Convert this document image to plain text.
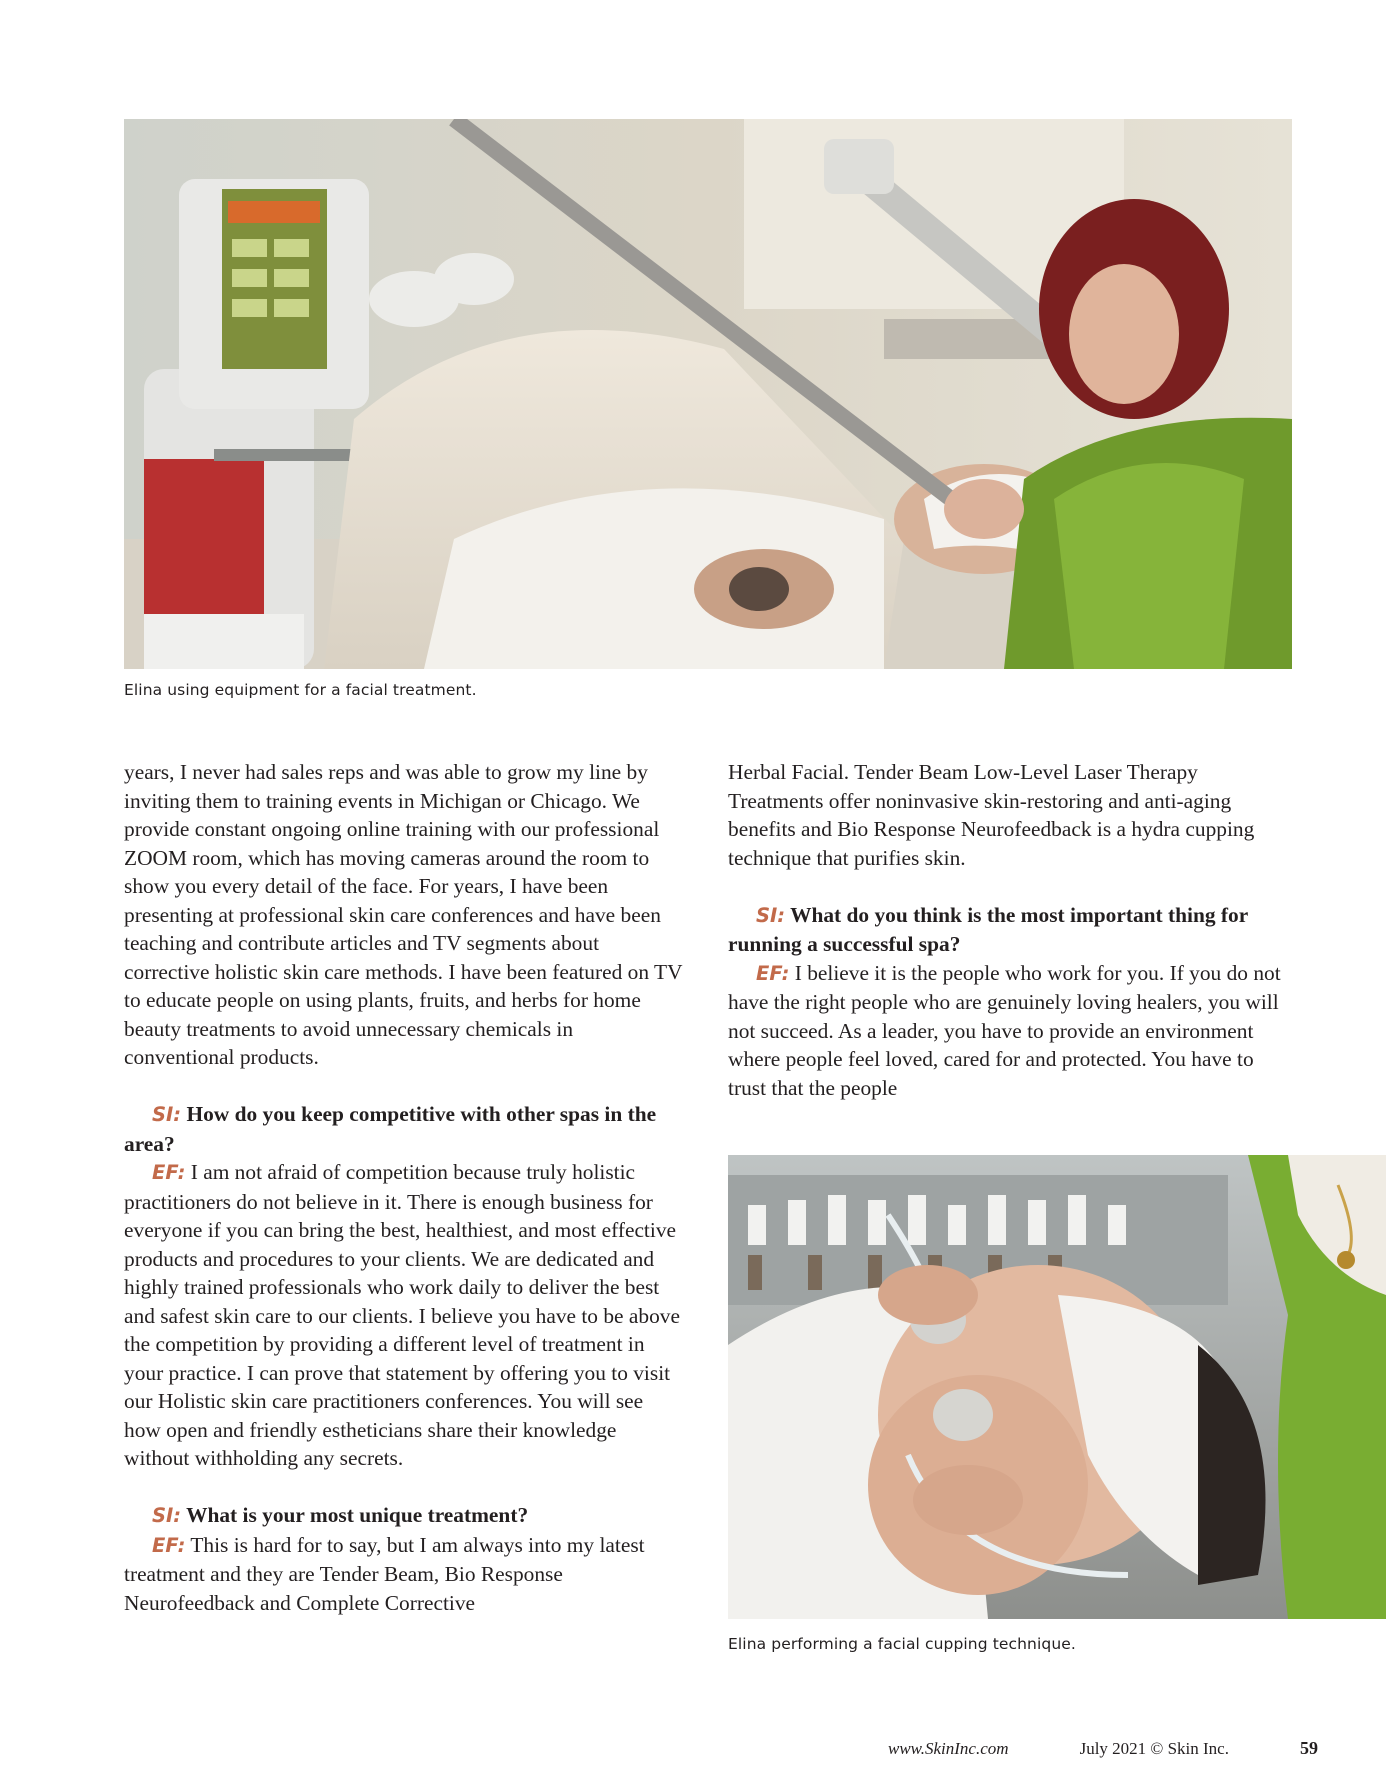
Elina using equipment for a facial treatment.

years, I never had sales reps and was able to grow my line by inviting them to training events in Michigan or Chicago. We provide constant ongoing online training with our professional ZOOM room, which has moving cameras around the room to show you every detail of the face. For years, I have been presenting at professional skin care conferences and have been teaching and contribute articles and TV segments about corrective holistic skin care methods. I have been featured on TV to educate people on using plants, fruits, and herbs for home beauty treatments to avoid unnecessary chemicals in conventional products.

SI: How do you keep competitive with other spas in the area?

EF: I am not afraid of competition because truly holistic practitioners do not believe in it. There is enough business for everyone if you can bring the best, healthiest, and most effective products and procedures to your clients. We are dedicated and highly trained professionals who work daily to deliver the best and safest skin care to our clients. I believe you have to be above the competition by providing a different level of treatment in your practice. I can prove that statement by offering you to visit our Holistic skin care practitioners conferences. You will see how open and friendly estheticians share their knowledge without withholding any secrets.

SI: What is your most unique treatment?

EF: This is hard for to say, but I am always into my latest treatment and they are Tender Beam, Bio Response Neurofeedback and Complete Corrective

Herbal Facial. Tender Beam Low-Level Laser Therapy Treatments offer noninvasive skin-restoring and anti-aging benefits and Bio Response Neurofeedback is a hydra cupping technique that purifies skin.

SI: What do you think is the most important thing for running a successful spa?

EF: I believe it is the people who work for you. If you do not have the right people who are genuinely loving healers, you will not succeed. As a leader, you have to provide an environment where people feel loved, cared for and protected. You have to trust that the people

Elina performing a facial cupping technique.
www.SkinInc.com	July 2021 © Skin Inc.	59
